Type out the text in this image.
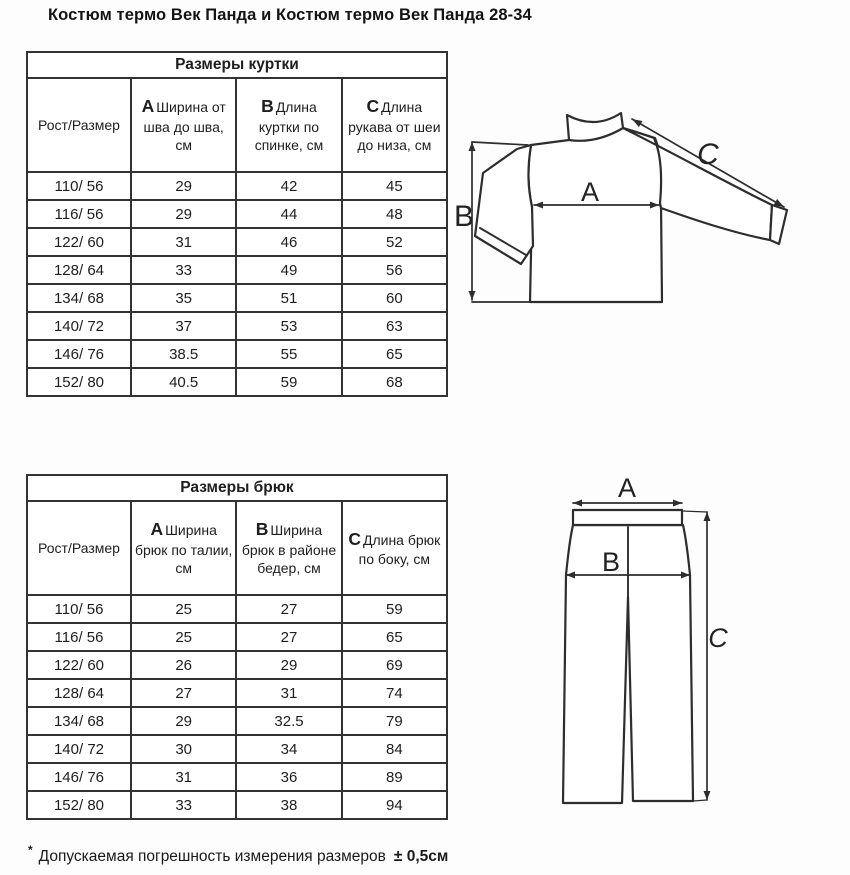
Костюм термо Век Панда и Костюм термо Век Панда 28-34
Размеры куртки			
Рост/Размер	A Ширина от шва до шва, см	B Длина куртки по спинке, см	C Длина рукава от шеи до низа, см
110/ 56	29	42	45
116/ 56	29	44	48
122/ 60	31	46	52
128/ 64	33	49	56
134/ 68	35	51	60
140/ 72	37	53	63
146/ 76	38.5	55	65
152/ 80	40.5	59	68
Размеры брюк			
Рост/Размер	A Ширина брюк по талии, см	B Ширина брюк в районе бедер, см	C Длина брюк по боку, см
110/ 56	25	27	59
116/ 56	25	27	65
122/ 60	26	29	69
128/ 64	27	31	74
134/ 68	29	32.5	79
140/ 72	30	34	84
146/ 76	31	36	89
152/ 80	33	38	94
A
B
C
A
B
C
* Допускаемая погрешность измерения размеров ± 0,5см
